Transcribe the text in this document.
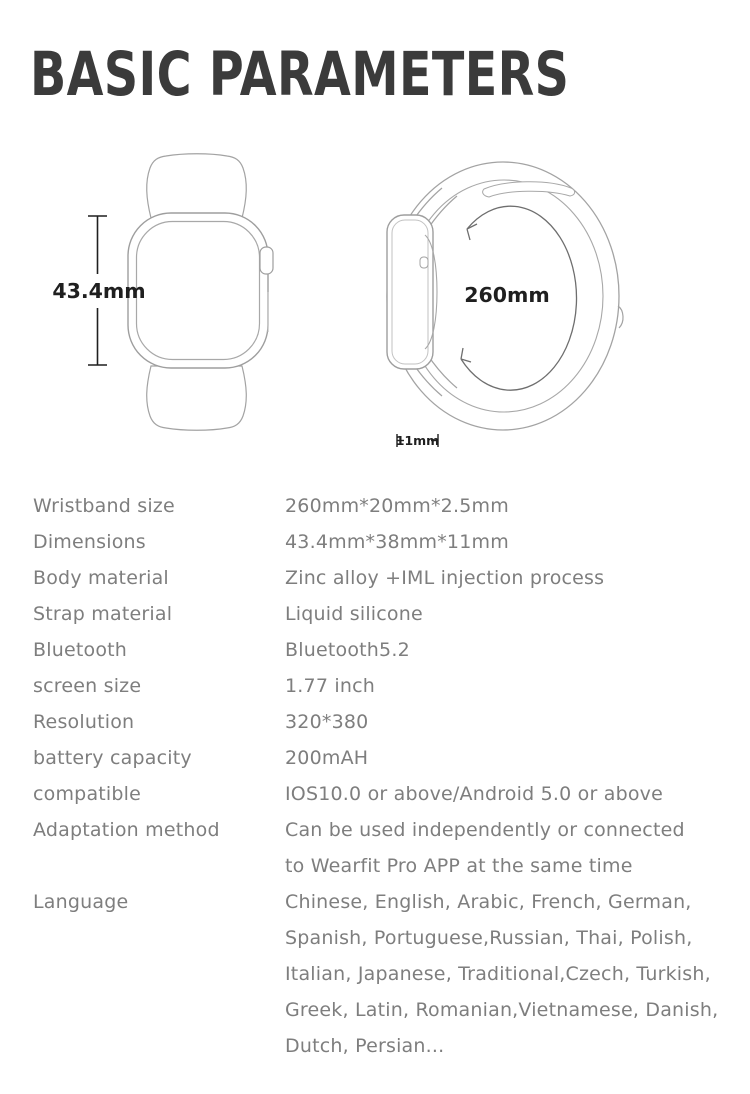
BASIC PARAMETERS
43.4mm	260mm
11mm
Wristband size	260mm*20mm*2.5mm
Dimensions	43.4mm*38mm*11mm
Body material	Zinc alloy +IML injection process
Strap material	Liquid silicone
Bluetooth	Bluetooth5.2
screen size	1.77 inch
Resolution	320*380
battery capacity	200mAH
compatible	IOS10.0 or above/Android 5.0 or above
Adaptation method	Can be used independently or connected
to Wearfit Pro APP at the same time
Language	Chinese, English, Arabic, French, German,
Spanish, Portuguese,Russian, Thai, Polish,
Italian, Japanese, Traditional,Czech, Turkish,
Greek, Latin, Romanian,Vietnamese, Danish,
Dutch, Persian...
